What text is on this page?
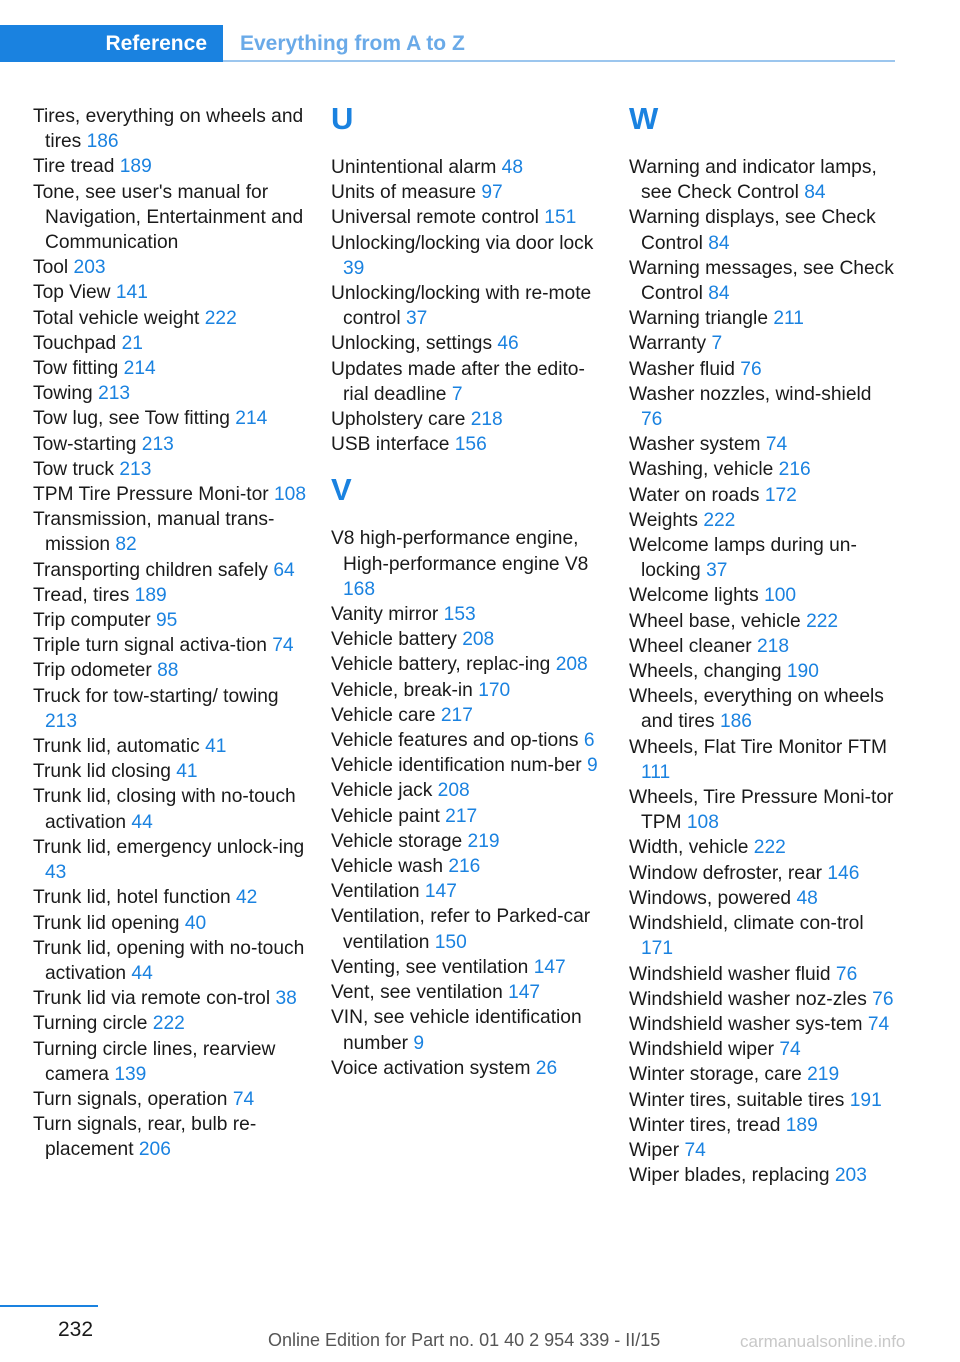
Reference	Everything from A to Z
Tires, everything on wheels and tires 186
Tire tread 189
Tone, see user's manual for Navigation, Entertainment and Communication
Tool 203
Top View 141
Total vehicle weight 222
Touchpad 21
Tow fitting 214
Towing 213
Tow lug, see Tow fitting 214
Tow-starting 213
Tow truck 213
TPM Tire Pressure Moni‐tor 108
Transmission, manual trans‐mission 82
Transporting children safely 64
Tread, tires 189
Trip computer 95
Triple turn signal activa‐tion 74
Trip odometer 88
Truck for tow-starting/ towing 213
Trunk lid, automatic 41
Trunk lid closing 41
Trunk lid, closing with no-touch activation 44
Trunk lid, emergency unlock‐ing 43
Trunk lid, hotel function 42
Trunk lid opening 40
Trunk lid, opening with no-touch activation 44
Trunk lid via remote con‐trol 38
Turning circle 222
Turning circle lines, rearview camera 139
Turn signals, operation 74
Turn signals, rear, bulb re‐placement 206
U
Unintentional alarm 48
Units of measure 97
Universal remote control 151
Unlocking/locking via door lock 39
Unlocking/locking with re‐mote control 37
Unlocking, settings 46
Updates made after the edito‐rial deadline 7
Upholstery care 218
USB interface 156
V
V8 high-performance engine, High-performance engine V8 168
Vanity mirror 153
Vehicle battery 208
Vehicle battery, replac‐ing 208
Vehicle, break-in 170
Vehicle care 217
Vehicle features and op‐tions 6
Vehicle identification num‐ber 9
Vehicle jack 208
Vehicle paint 217
Vehicle storage 219
Vehicle wash 216
Ventilation 147
Ventilation, refer to Parked-car ventilation 150
Venting, see ventilation 147
Vent, see ventilation 147
VIN, see vehicle identification number 9
Voice activation system 26
W
Warning and indicator lamps, see Check Control 84
Warning displays, see Check Control 84
Warning messages, see Check Control 84
Warning triangle 211
Warranty 7
Washer fluid 76
Washer nozzles, wind‐shield 76
Washer system 74
Washing, vehicle 216
Water on roads 172
Weights 222
Welcome lamps during un‐locking 37
Welcome lights 100
Wheel base, vehicle 222
Wheel cleaner 218
Wheels, changing 190
Wheels, everything on wheels and tires 186
Wheels, Flat Tire Monitor FTM 111
Wheels, Tire Pressure Moni‐tor TPM 108
Width, vehicle 222
Window defroster, rear 146
Windows, powered 48
Windshield, climate con‐trol 171
Windshield washer fluid 76
Windshield washer noz‐zles 76
Windshield washer sys‐tem 74
Windshield wiper 74
Winter storage, care 219
Winter tires, suitable tires 191
Winter tires, tread 189
Wiper 74
Wiper blades, replacing 203
232	Online Edition for Part no. 01 40 2 954 339 - II/15	carmanualsonline.info
